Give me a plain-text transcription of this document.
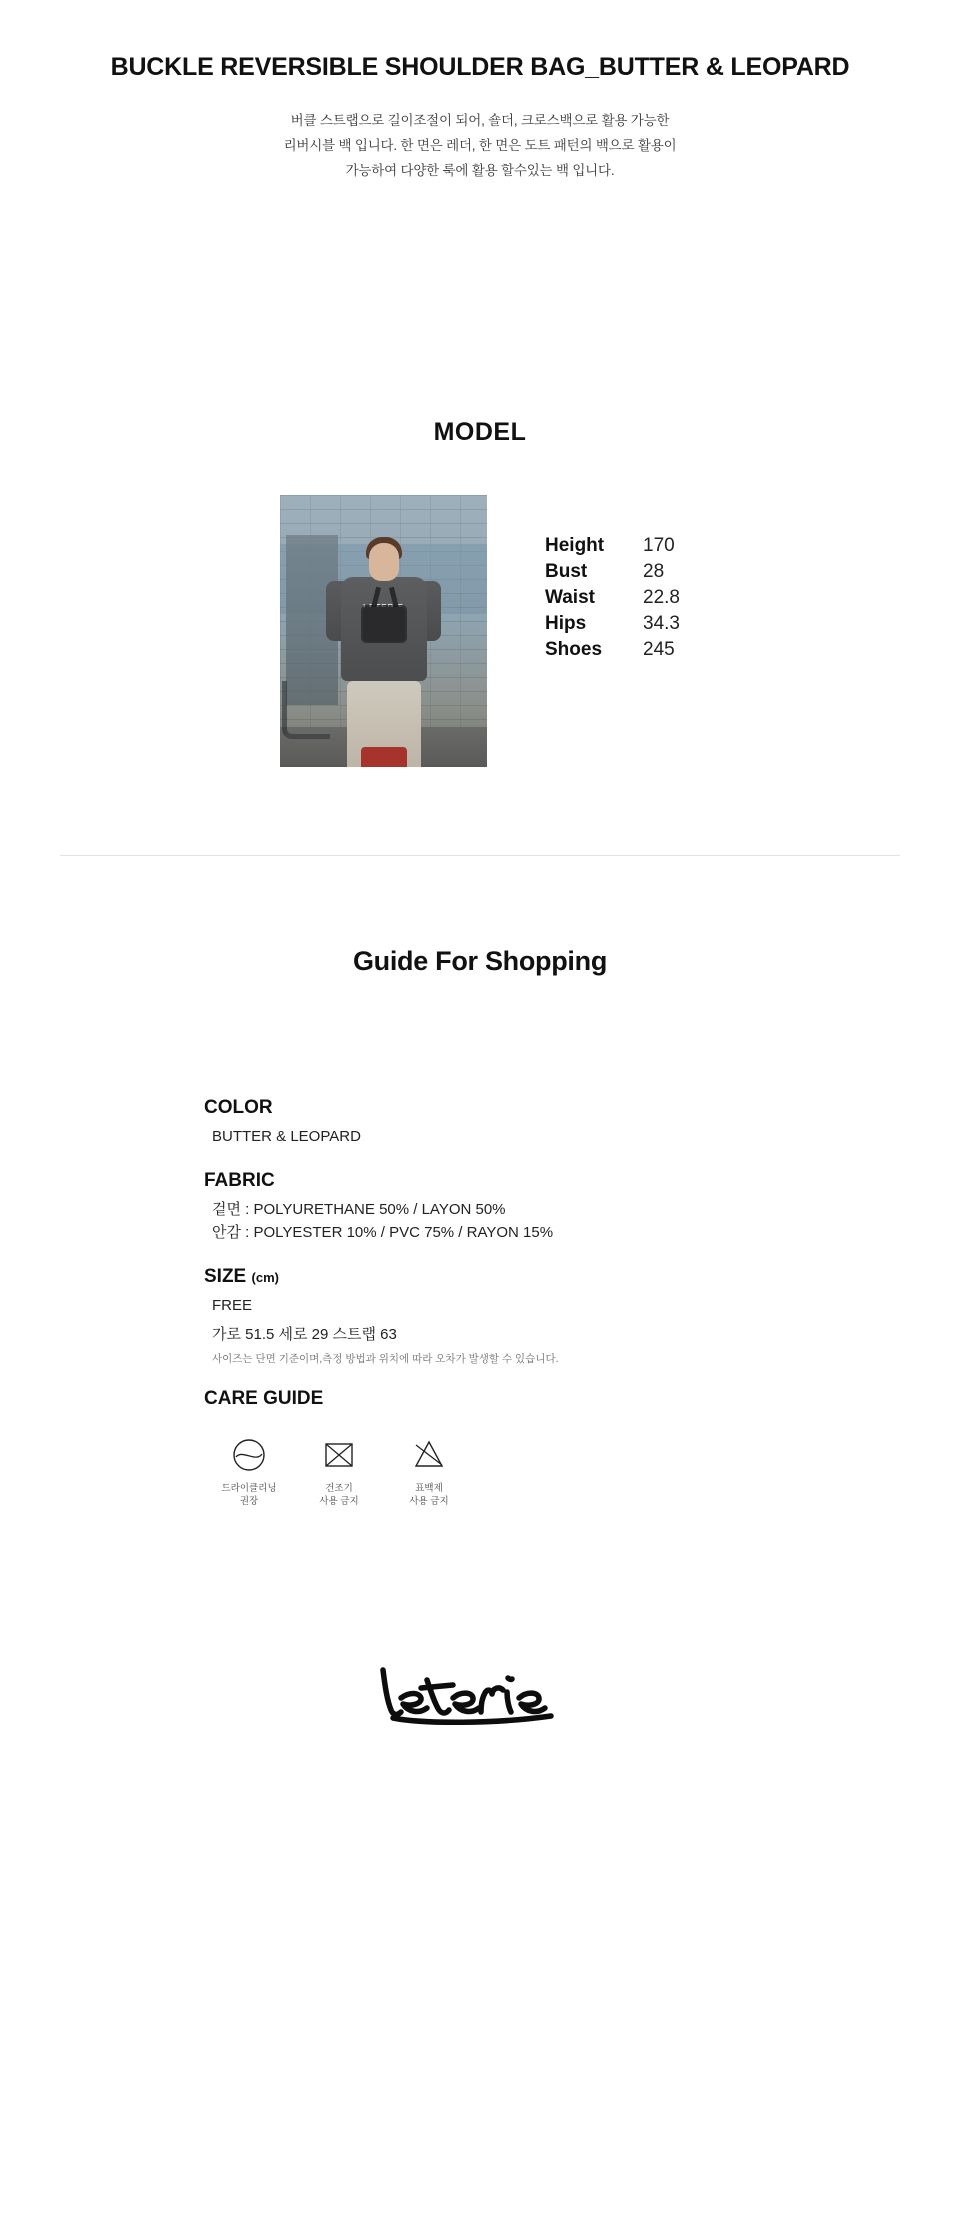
BUCKLE REVERSIBLE SHOULDER BAG_BUTTER & LEOPARD
버클 스트랩으로 길이조절이 되어, 숄더, 크로스백으로 활용 가능한
리버시블 백 입니다. 한 면은 레더, 한 면은 도트 패턴의 백으로 활용이
가능하여 다양한 룩에 활용 할수있는 백 입니다.
MODEL
Height	170
Bust	28
Waist	22.8
Hips	34.3
Shoes	245
Guide For Shopping
COLOR
BUTTER & LEOPARD
FABRIC
겉면 : POLYURETHANE 50% / LAYON 50%
안감 : POLYESTER 10% / PVC 75% / RAYON 15%
SIZE (cm)
FREE
가로 51.5 세로 29 스트랩 63
사이즈는 단면 기준이며,측정 방법과 위치에 따라 오차가 발생할 수 있습니다.
CARE GUIDE
드라이클리닝
권장
건조기
사용 금지
표백제
사용 금지
